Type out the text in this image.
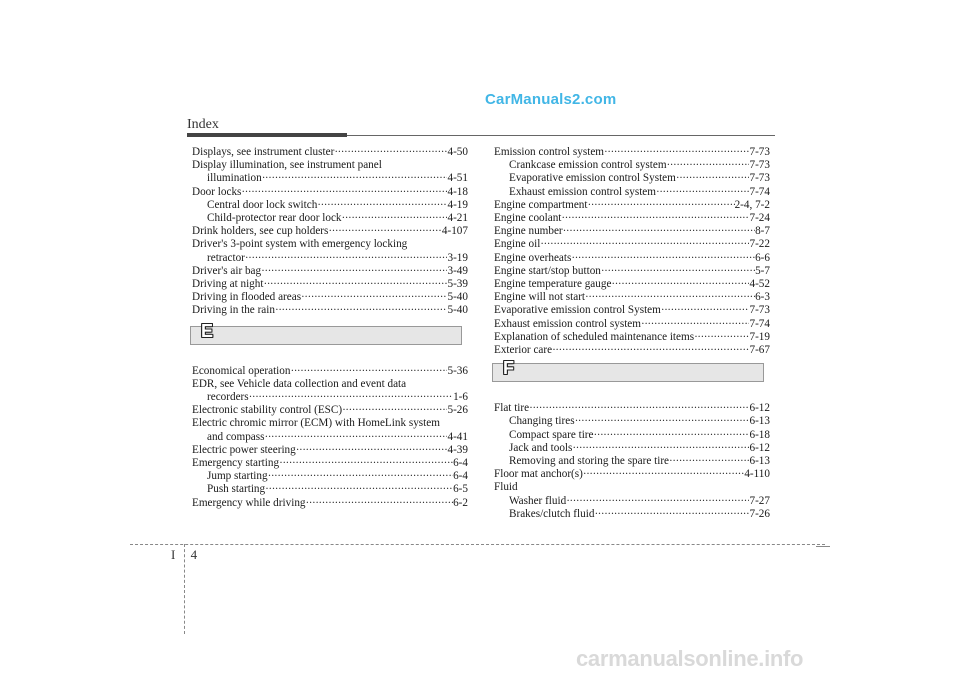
CarManuals2.com
Index
Displays, see instrument cluster ·····	4-50
Display illumination, see instrument panel
illumination ·····	4-51
Door locks ·····	4-18
Central door lock switch ·····	4-19
Child-protector rear door lock ·····	4-21
Drink holders, see cup holders ·····	4-107
Driver's 3-point system with emergency locking
retractor ·····	3-19
Driver's air bag ·····	3-49
Driving at night ·····	5-39
Driving in flooded areas ·····	5-40
Driving in the rain ·····	5-40
E
Economical operation ·····	5-36
EDR, see Vehicle data collection and event data
recorders ·····	1-6
Electronic stability control (ESC) ·····	5-26
Electric chromic mirror (ECM) with HomeLink system
and compass ·····	4-41
Electric power steering ·····	4-39
Emergency starting ·····	6-4
Jump starting ·····	6-4
Push starting ·····	6-5
Emergency while driving ·····	6-2
Emission control system ·····	7-73
Crankcase emission control system ·····	7-73
Evaporative emission control System ·····	7-73
Exhaust emission control system ·····	7-74
Engine compartment ·····	2-4, 7-2
Engine coolant ·····	7-24
Engine number ·····	8-7
Engine oil ·····	7-22
Engine overheats ·····	6-6
Engine start/stop button ·····	5-7
Engine temperature gauge ·····	4-52
Engine will not start ·····	6-3
Evaporative emission control System ·····	7-73
Exhaust emission control system ·····	7-74
Explanation of scheduled maintenance items ·····	7-19
Exterior care ·····	7-67
F
Flat tire ·····	6-12
Changing tires ·····	6-13
Compact spare tire ·····	6-18
Jack and tools ·····	6-12
Removing and storing the spare tire ·····	6-13
Floor mat anchor(s) ·····	4-110
Fluid
Washer fluid ·····	7-27
Brakes/clutch fluid ·····	7-26
I 4
carmanualsonline.info
